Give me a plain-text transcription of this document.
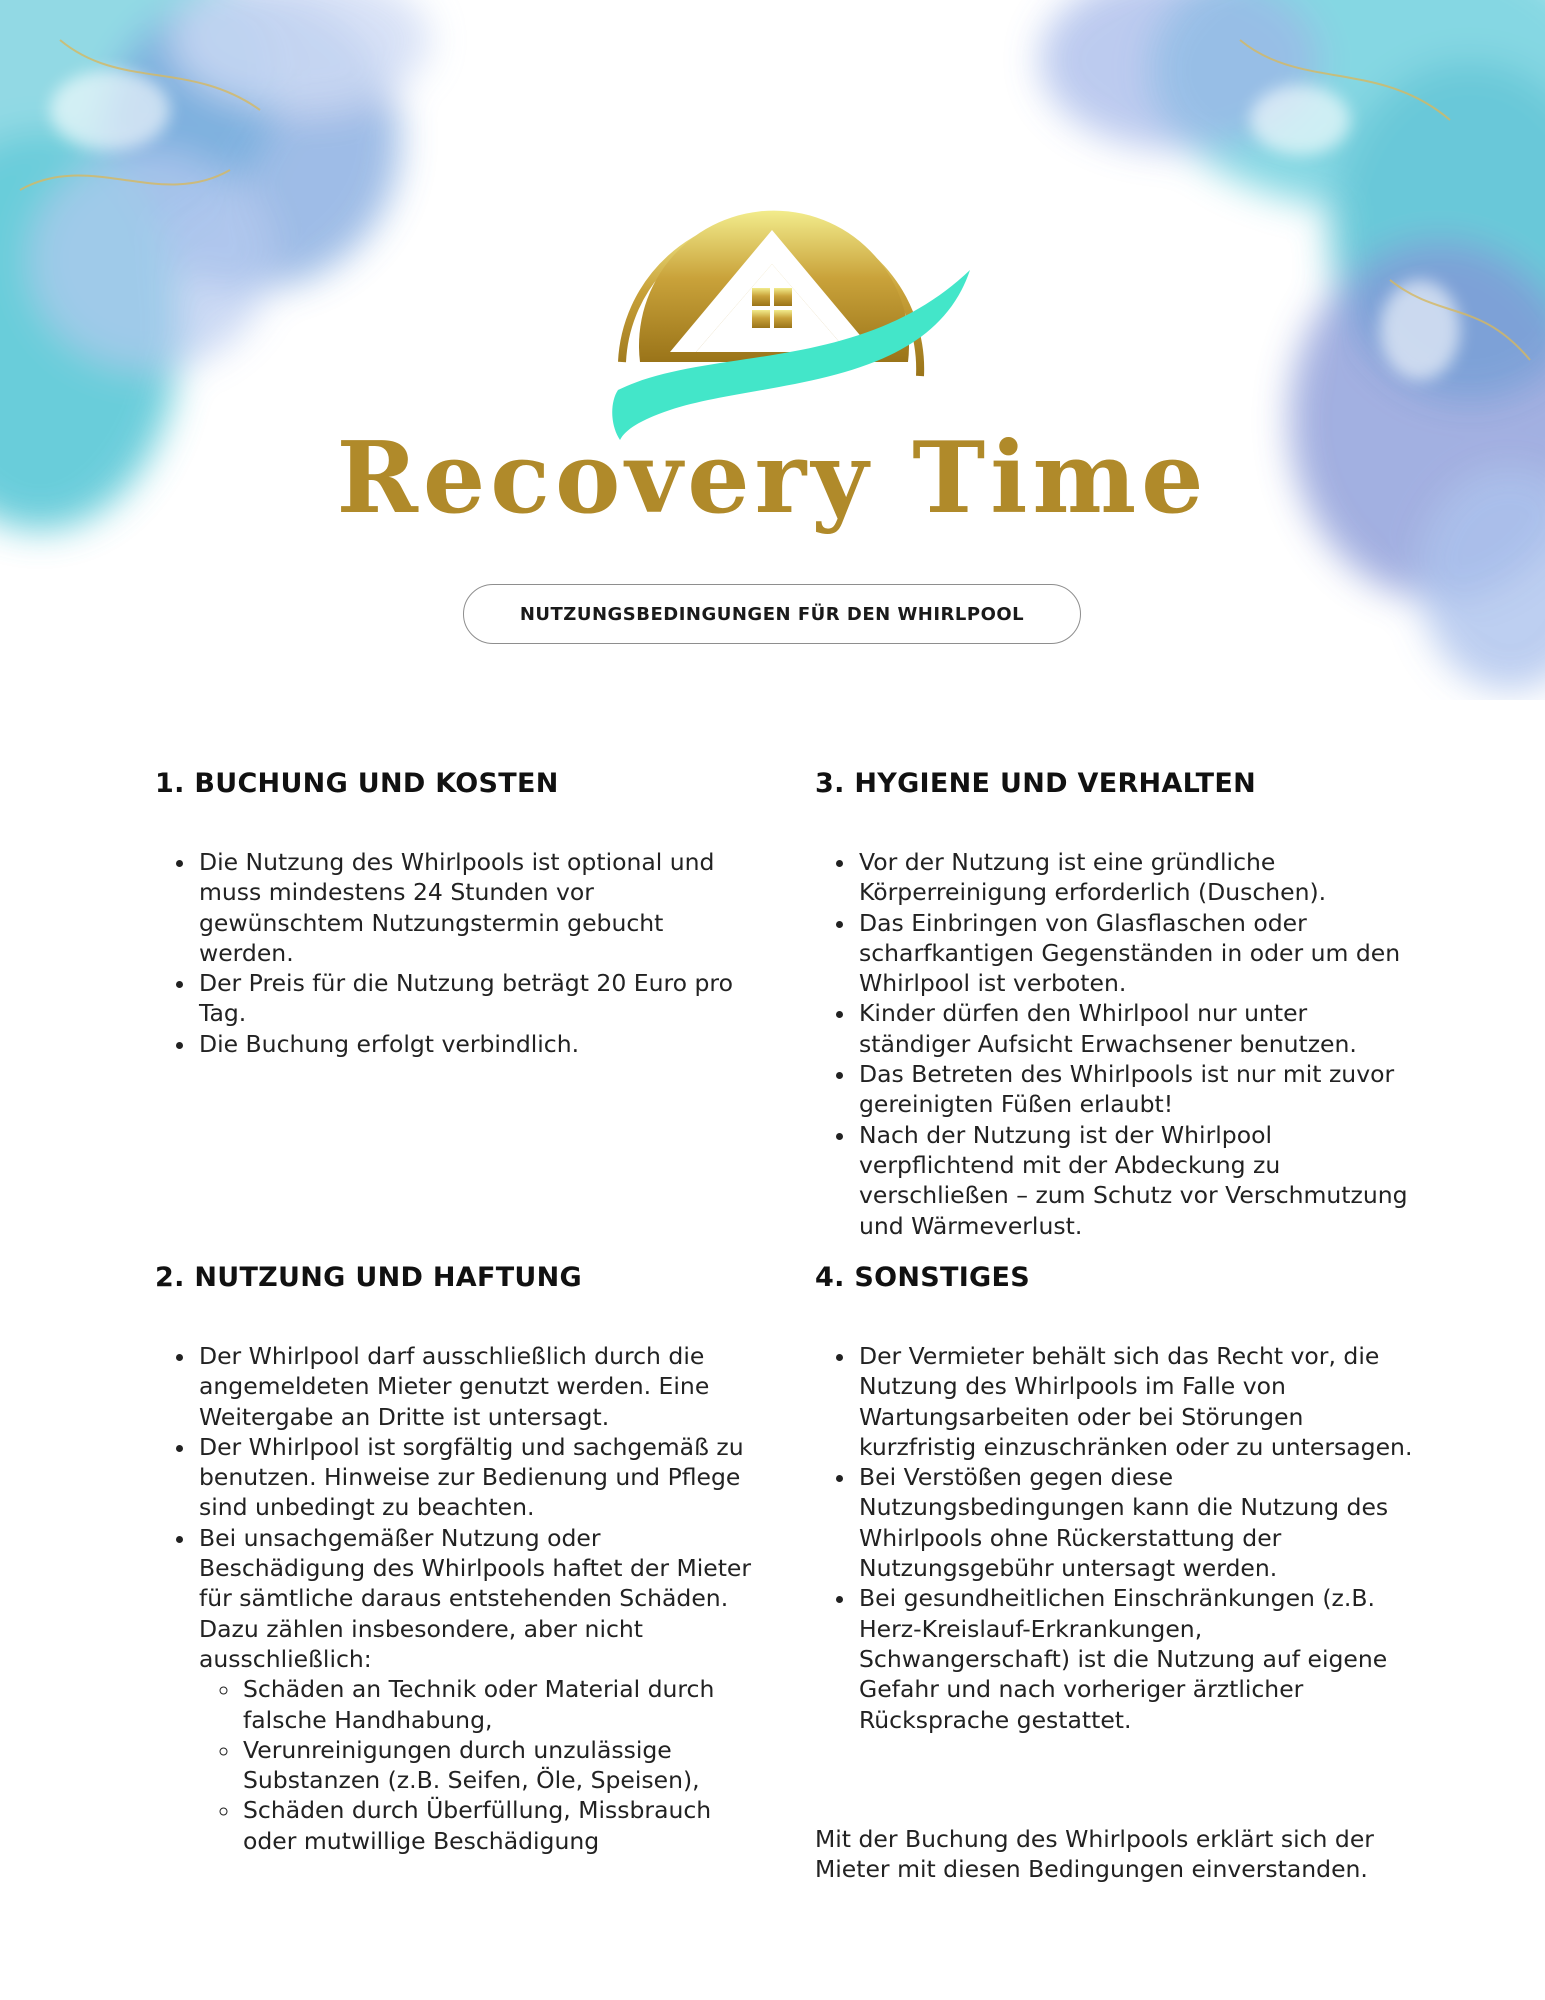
Recovery Time
NUTZUNGSBEDINGUNGEN FÜR DEN WHIRLPOOL
1. BUCHUNG UND KOSTEN
• Die Nutzung des Whirlpools ist optional und muss mindestens 24 Stunden vor gewünschtem Nutzungstermin gebucht werden.
• Der Preis für die Nutzung beträgt 20 Euro pro Tag.
• Die Buchung erfolgt verbindlich.
2. NUTZUNG UND HAFTUNG
• Der Whirlpool darf ausschließlich durch die angemeldeten Mieter genutzt werden. Eine Weitergabe an Dritte ist untersagt.
• Der Whirlpool ist sorgfältig und sachgemäß zu benutzen. Hinweise zur Bedienung und Pflege sind unbedingt zu beachten.
• Bei unsachgemäßer Nutzung oder Beschädigung des Whirlpools haftet der Mieter für sämtliche daraus entstehenden Schäden. Dazu zählen insbesondere, aber nicht ausschließlich:
◦ Schäden an Technik oder Material durch falsche Handhabung,
◦ Verunreinigungen durch unzulässige Substanzen (z.B. Seifen, Öle, Speisen),
◦ Schäden durch Überfüllung, Missbrauch oder mutwillige Beschädigung
3. HYGIENE UND VERHALTEN
• Vor der Nutzung ist eine gründliche Körperreinigung erforderlich (Duschen).
• Das Einbringen von Glasflaschen oder scharfkantigen Gegenständen in oder um den Whirlpool ist verboten.
• Kinder dürfen den Whirlpool nur unter ständiger Aufsicht Erwachsener benutzen.
• Das Betreten des Whirlpools ist nur mit zuvor gereinigten Füßen erlaubt!
• Nach der Nutzung ist der Whirlpool verpflichtend mit der Abdeckung zu verschließen – zum Schutz vor Verschmutzung und Wärmeverlust.
4. SONSTIGES
• Der Vermieter behält sich das Recht vor, die Nutzung des Whirlpools im Falle von Wartungsarbeiten oder bei Störungen kurzfristig einzuschränken oder zu untersagen.
• Bei Verstößen gegen diese Nutzungsbedingungen kann die Nutzung des Whirlpools ohne Rückerstattung der Nutzungsgebühr untersagt werden.
• Bei gesundheitlichen Einschränkungen (z.B. Herz-Kreislauf-Erkrankungen, Schwangerschaft) ist die Nutzung auf eigene Gefahr und nach vorheriger ärztlicher Rücksprache gestattet.

Mit der Buchung des Whirlpools erklärt sich der Mieter mit diesen Bedingungen einverstanden.
